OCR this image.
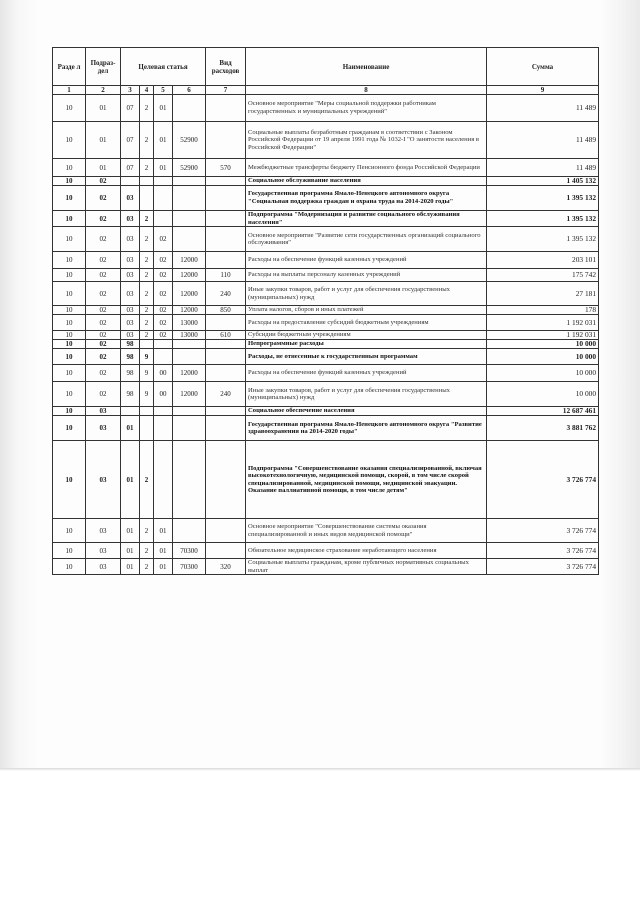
Разде л	Подраз- дел	Целевая статья				Вид расходов	Наименование	Сумма
1	2	3	4	5	6	7	8	9
10	01	07	2	01			Основное мероприятие "Меры социальной поддержки работникам государственных и муниципальных учреждений"	11 489
10	01	07	2	01	52900		Социальные выплаты безработным гражданам в соответствии с Законом Российской Федерации от 19 апреля 1991 года № 1032-I "О занятости населения в Российской Федерации"	11 489
10	01	07	2	01	52900	570	Межбюджетные трансферты бюджету Пенсионного фонда Российской Федерации	11 489
10	02						Социальное обслуживание населения	1 405 132
10	02	03					Государственная программа Ямало-Ненецкого автономного округа "Социальная поддержка граждан и охрана труда на 2014-2020 годы"	1 395 132
10	02	03	2				Подпрограмма "Модернизация и развитие социального обслуживания населения"	1 395 132
10	02	03	2	02			Основное мероприятие "Развитие сети государственных организаций социального обслуживания"	1 395 132
10	02	03	2	02	12000		Расходы на обеспечение функций казенных учреждений	203 101
10	02	03	2	02	12000	110	Расходы на выплаты персоналу казенных учреждений	175 742
10	02	03	2	02	12000	240	Иные закупки товаров, работ и услуг для обеспечения государственных (муниципальных) нужд	27 181
10	02	03	2	02	12000	850	Уплата налогов, сборов и иных платежей	178
10	02	03	2	02	13000		Расходы на предоставление субсидий бюджетным учреждениям	1 192 031
10	02	03	2	02	13000	610	Субсидии бюджетным учреждениям	1 192 031
10	02	98					Непрограммные расходы	10 000
10	02	98	9				Расходы, не отнесенные к государственным программам	10 000
10	02	98	9	00	12000		Расходы на обеспечение функций казенных учреждений	10 000
10	02	98	9	00	12000	240	Иные закупки товаров, работ и услуг для обеспечения государственных (муниципальных) нужд	10 000
10	03						Социальное обеспечение населения	12 687 461
10	03	01					Государственная программа Ямало-Ненецкого автономного округа "Развитие здравоохранения на 2014-2020 годы"	3 881 762
10	03	01	2				Подпрограмма "Совершенствование оказания специализированной, включая высокотехнологичную, медицинской помощи, скорой, в том числе скорой специализированной, медицинской помощи, медицинской эвакуации. Оказание паллиативной помощи, в том числе детям"	3 726 774
10	03	01	2	01			Основное мероприятие "Совершенствование системы оказания специализированной и иных видов медицинской помощи"	3 726 774
10	03	01	2	01	70300		Обязательное медицинское страхование неработающего населения	3 726 774
10	03	01	2	01	70300	320	Социальные выплаты гражданам, кроме публичных нормативных социальных выплат	3 726 774
